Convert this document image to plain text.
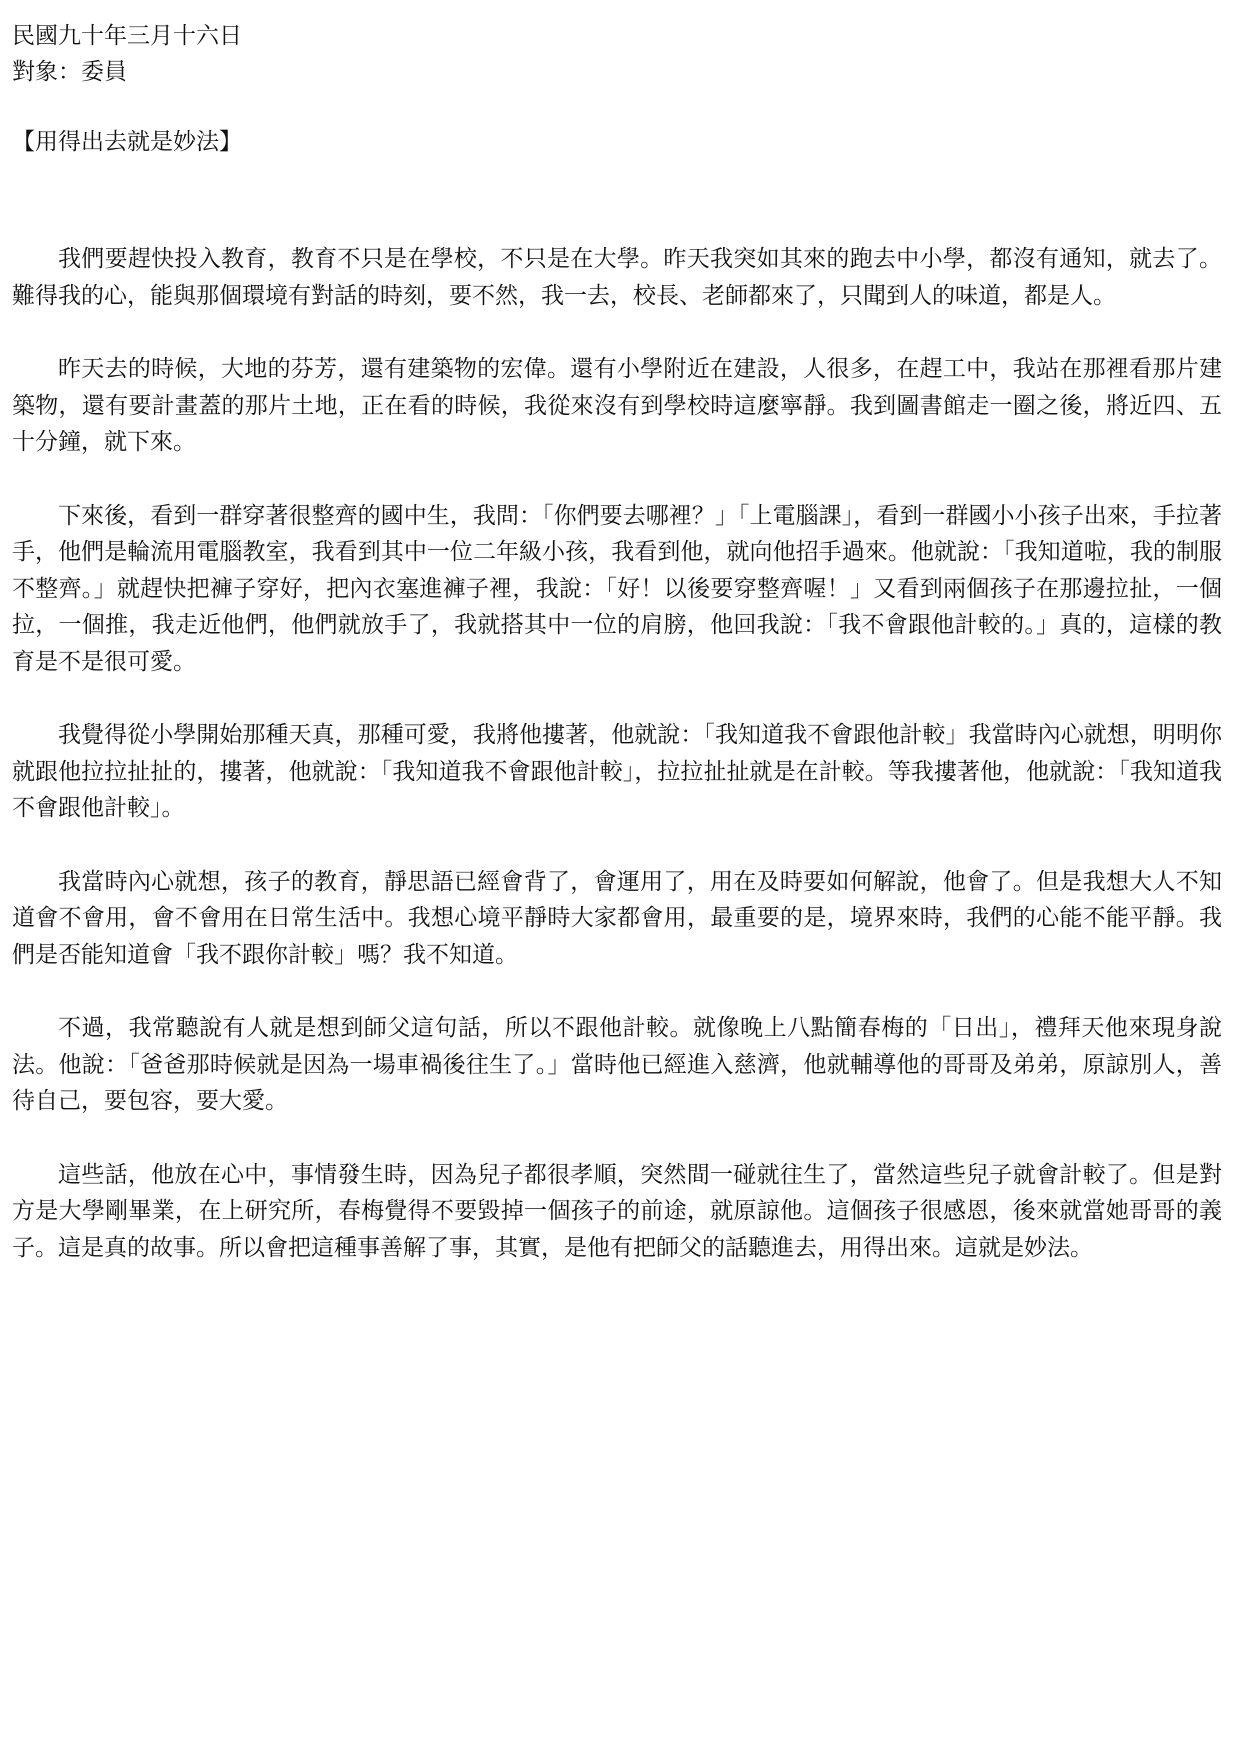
民國九十年三月十六日
對象：委員
【用得出去就是妙法】

我們要趕快投入教育，教育不只是在學校，不只是在大學。昨天我突如其來的跑去中小學，都沒有通知，就去了。難得我的心，能與那個環境有對話的時刻，要不然，我一去，校長、老師都來了，只聞到人的味道，都是人。

昨天去的時候，大地的芬芳，還有建築物的宏偉。還有小學附近在建設，人很多，在趕工中，我站在那裡看那片建築物，還有要計畫蓋的那片土地，正在看的時候，我從來沒有到學校時這麼寧靜。我到圖書館走一圈之後，將近四、五十分鐘，就下來。

下來後，看到一群穿著很整齊的國中生，我問：「你們要去哪裡？」「上電腦課」，看到一群國小小孩子出來，手拉著手，他們是輪流用電腦教室，我看到其中一位二年級小孩，我看到他，就向他招手過來。他就說：「我知道啦，我的制服不整齊。」就趕快把褲子穿好，把內衣塞進褲子裡，我說：「好！以後要穿整齊喔！」又看到兩個孩子在那邊拉扯，一個拉，一個推，我走近他們，他們就放手了，我就搭其中一位的肩膀，他回我說：「我不會跟他計較的。」真的，這樣的教育是不是很可愛。

我覺得從小學開始那種天真，那種可愛，我將他摟著，他就說：「我知道我不會跟他計較」我當時內心就想，明明你就跟他拉拉扯扯的，摟著，他就說：「我知道我不會跟他計較」，拉拉扯扯就是在計較。等我摟著他，他就說：「我知道我不會跟他計較」。

我當時內心就想，孩子的教育，靜思語已經會背了，會運用了，用在及時要如何解說，他會了。但是我想大人不知道會不會用，會不會用在日常生活中。我想心境平靜時大家都會用，最重要的是，境界來時，我們的心能不能平靜。我們是否能知道會「我不跟你計較」嗎？我不知道。

不過，我常聽說有人就是想到師父這句話，所以不跟他計較。就像晚上八點簡春梅的「日出」，禮拜天他來現身說法。他說：「爸爸那時候就是因為一場車禍後往生了。」當時他已經進入慈濟，他就輔導他的哥哥及弟弟，原諒別人，善待自己，要包容，要大愛。

這些話，他放在心中，事情發生時，因為兒子都很孝順，突然間一碰就往生了，當然這些兒子就會計較了。但是對方是大學剛畢業，在上研究所，春梅覺得不要毀掉一個孩子的前途，就原諒他。這個孩子很感恩，後來就當她哥哥的義子。這是真的故事。所以會把這種事善解了事，其實，是他有把師父的話聽進去，用得出來。這就是妙法。
